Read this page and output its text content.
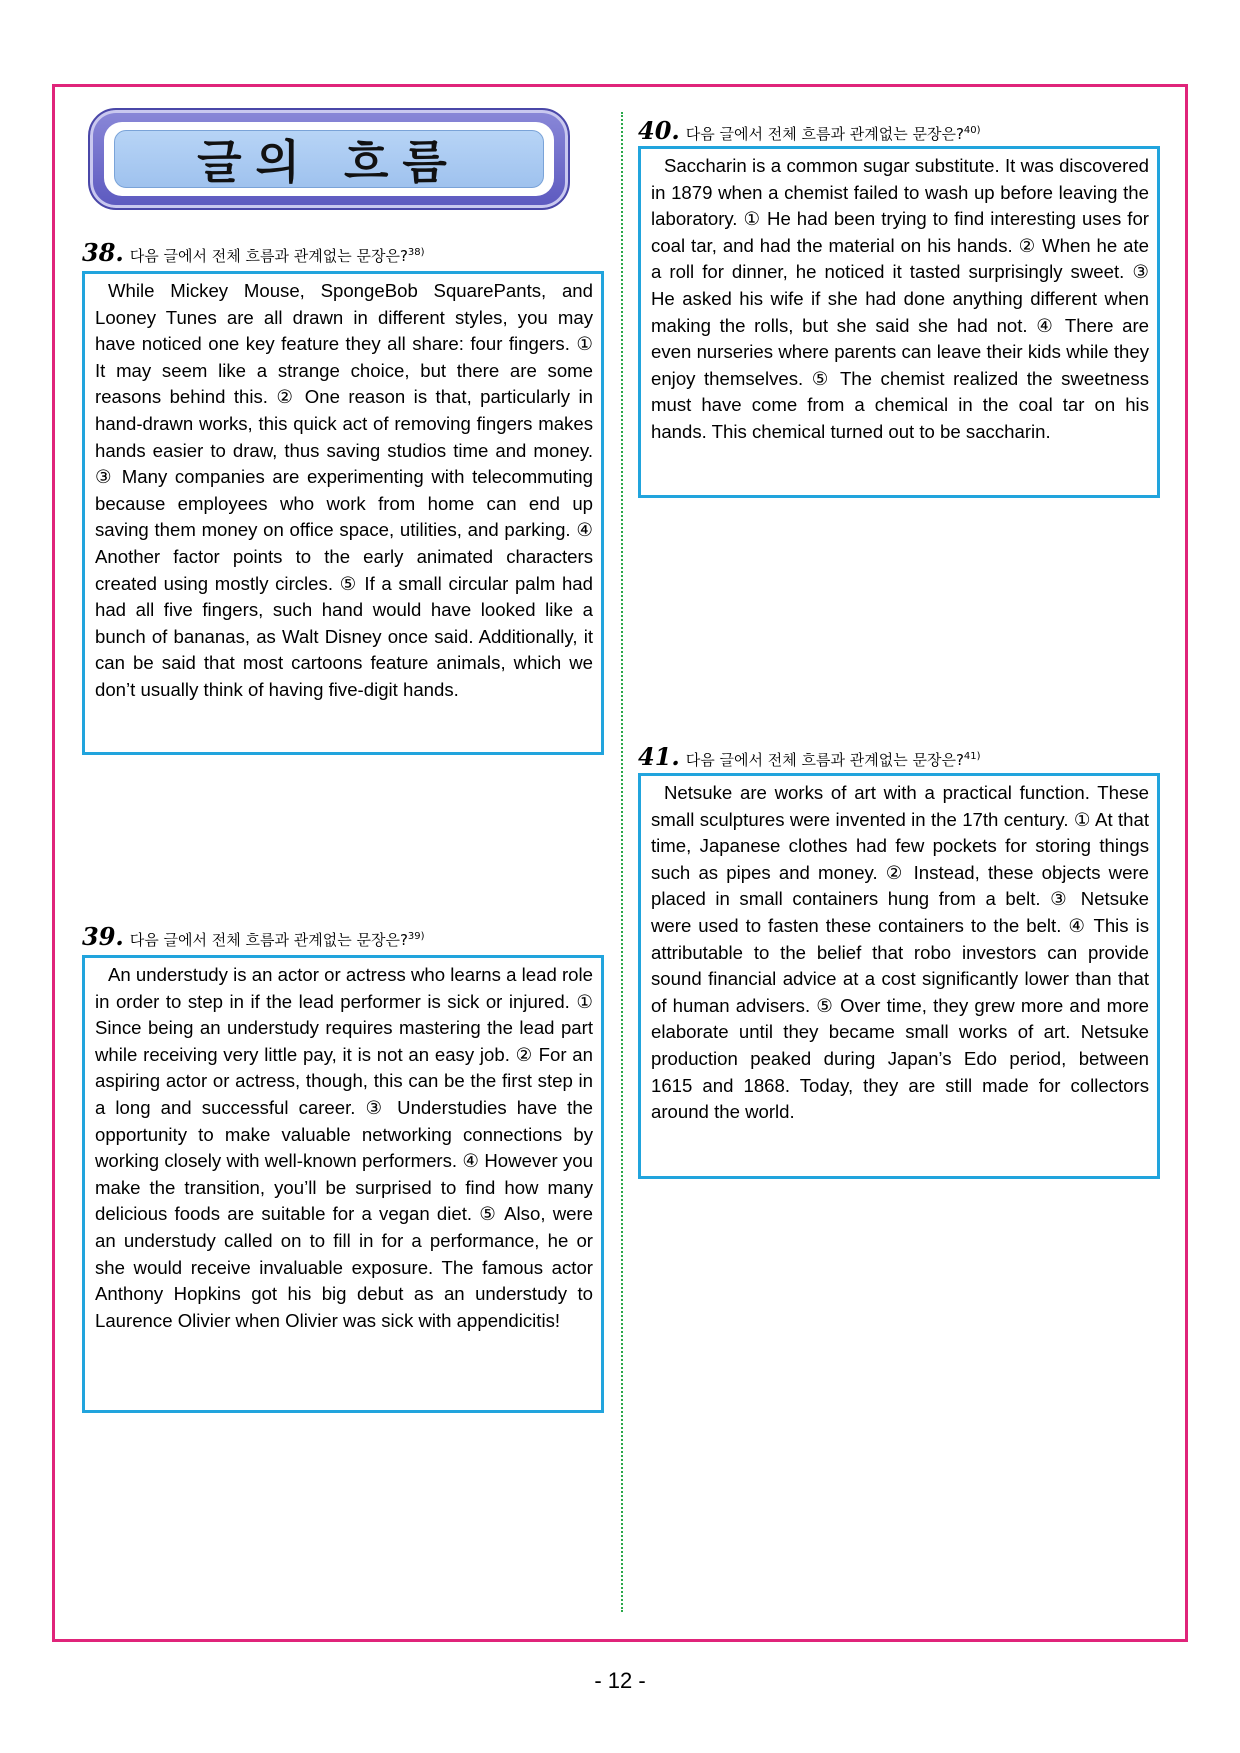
글의 흐름
38. 다음 글에서 전체 흐름과 관계없는 문장은?$^{38)}$

While Mickey Mouse, SpongeBob SquarePants, and Looney Tunes are all drawn in different styles, you may have noticed one key feature they all share: four fingers. ① It may seem like a strange choice, but there are some reasons behind this. ② One reason is that, particularly in hand-drawn works, this quick act of removing fingers makes hands easier to draw, thus saving studios time and money. ③ Many companies are experimenting with telecommuting because employees who work from home can end up saving them money on office space, utilities, and parking. ④ Another factor points to the early animated characters created using mostly circles. ⑤ If a small circular palm had had all five fingers, such hand would have looked like a bunch of bananas, as Walt Disney once said. Additionally, it can be said that most cartoons feature animals, which we don’t usually think of having five-digit hands.

39. 다음 글에서 전체 흐름과 관계없는 문장은?$^{39)}$

An understudy is an actor or actress who learns a lead role in order to step in if the lead performer is sick or injured. ① Since being an understudy requires mastering the lead part while receiving very little pay, it is not an easy job. ② For an aspiring actor or actress, though, this can be the first step in a long and successful career. ③ Understudies have the opportunity to make valuable networking connections by working closely with well-known performers. ④ However you make the transition, you’ll be surprised to find how many delicious foods are suitable for a vegan diet. ⑤ Also, were an understudy called on to fill in for a performance, he or she would receive invaluable exposure. The famous actor Anthony Hopkins got his big debut as an understudy to Laurence Olivier when Olivier was sick with appendicitis!

40. 다음 글에서 전체 흐름과 관계없는 문장은?$^{40)}$

Saccharin is a common sugar substitute. It was discovered in 1879 when a chemist failed to wash up before leaving the laboratory. ① He had been trying to find interesting uses for coal tar, and had the material on his hands. ② When he ate a roll for dinner, he noticed it tasted surprisingly sweet. ③ He asked his wife if she had done anything different when making the rolls, but she said she had not. ④ There are even nurseries where parents can leave their kids while they enjoy themselves. ⑤ The chemist realized the sweetness must have come from a chemical in the coal tar on his hands. This chemical turned out to be saccharin.

41. 다음 글에서 전체 흐름과 관계없는 문장은?$^{41)}$

Netsuke are works of art with a practical function. These small sculptures were invented in the 17th century. ① At that time, Japanese clothes had few pockets for storing things such as pipes and money. ② Instead, these objects were placed in small containers hung from a belt. ③ Netsuke were used to fasten these containers to the belt. ④ This is attributable to the belief that robo investors can provide sound financial advice at a cost significantly lower than that of human advisers. ⑤ Over time, they grew more and more elaborate until they became small works of art. Netsuke production peaked during Japan’s Edo period, between 1615 and 1868. Today, they are still made for collectors around the world.

- 12 -
